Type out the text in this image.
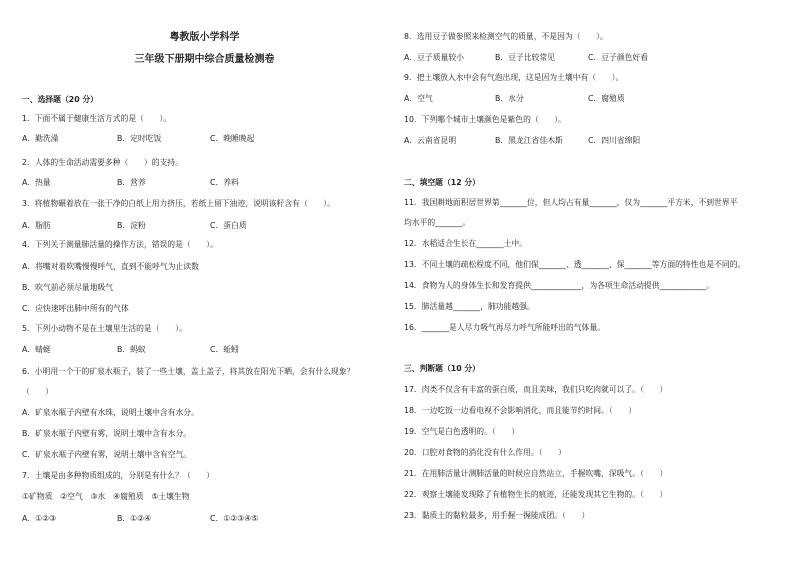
粤教版小学科学
三年级下册期中综合质量检测卷
一、选择题（20 分）
1．下面不属于健康生活方式的是（　　）。
A．勤洗澡	B．定时吃饭	C．晚睡晚起
2．人体的生命活动需要多种（　　）的支持。
A．热量	B．营养	C．养料
3．将植物碾着放在一张干净的白纸上用力挤压，若纸上留下油迹，说明该籽含有（　　）。
A．脂肪	B．淀粉	C．蛋白质
4．下列关于测量肺活量的操作方法，错误的是（　　）。
A．将嘴对着吹嘴慢慢呼气，直到不能呼气为止读数
B．吹气前必须尽量地吸气
C．应快速呼出肺中所有的气体
5．下列小动物不是在土壤里生活的是（　　）。
A．蜻蜓	B．蚂蚁	C．蚯蚓
6．小明用一个干的矿泉水瓶子，装了一些土壤，盖上盖子，将其放在阳光下晒，会有什么现象？
（　　）
A．矿泉水瓶子内壁有水珠，说明土壤中含有水分。
B．矿泉水瓶子内壁有雾，说明土壤中含有水分。
C．矿泉水瓶子内壁有雾，说明土壤中含有空气。
7．土壤是由多种物质组成的，分别是有什么？（　　）
①矿物质　②空气　③水　④腐殖质　⑤土壤生物
A．①②③	B．①②④	C．①②③④⑤
8．选用豆子做参照来检测空气的质量，不是因为（　　）。
A．豆子质量较小	B．豆子比较常见	C．豆子颜色好看
9．把土壤放入水中会有气泡出现，这是因为土壤中有（　　）。
A．空气	B．水分	C．腐殖质
10．下列哪个城市土壤颜色是紫色的（　　）。
A．云南省昆明	B．黑龙江省佳木斯	C．四川省绵阳
二、填空题（12 分）
11．我国耕地面积居世界第_______位，但人均占有量_______，仅为_______平方米，不到世界平
均水平的_______。
12．水稻适合生长在_______土中。
13．不同土壤的疏松程度不同，他们保_______、透_______、保_______等方面的特性也是不同的。
14．食物为人的身体生长和发育提供_____________，为各项生命活动提供____________。
15．肺活量越_______，肺功能越强。
16．_______是人尽力吸气再尽力呼气所能呼出的气体量。
三、判断题（10 分）
17．肉类不仅含有丰富的蛋白质，而且美味，我们只吃肉就可以了。（　　）
18．一边吃饭一边看电视不会影响消化，而且能节约时间。（　　）
19．空气是白色透明的。（　　）
20．口腔对食物的消化没有什么作用。（　　）
21．在用肺活量计测肺活量的时候应自然站立，手握吹嘴，深吸气。（　　）
22．观察土壤能发现除了有植物生长的痕迹，还能发现其它生物的。（　　）
23．黏质土的黏粒最多，用手握一握能成团。（　　）
